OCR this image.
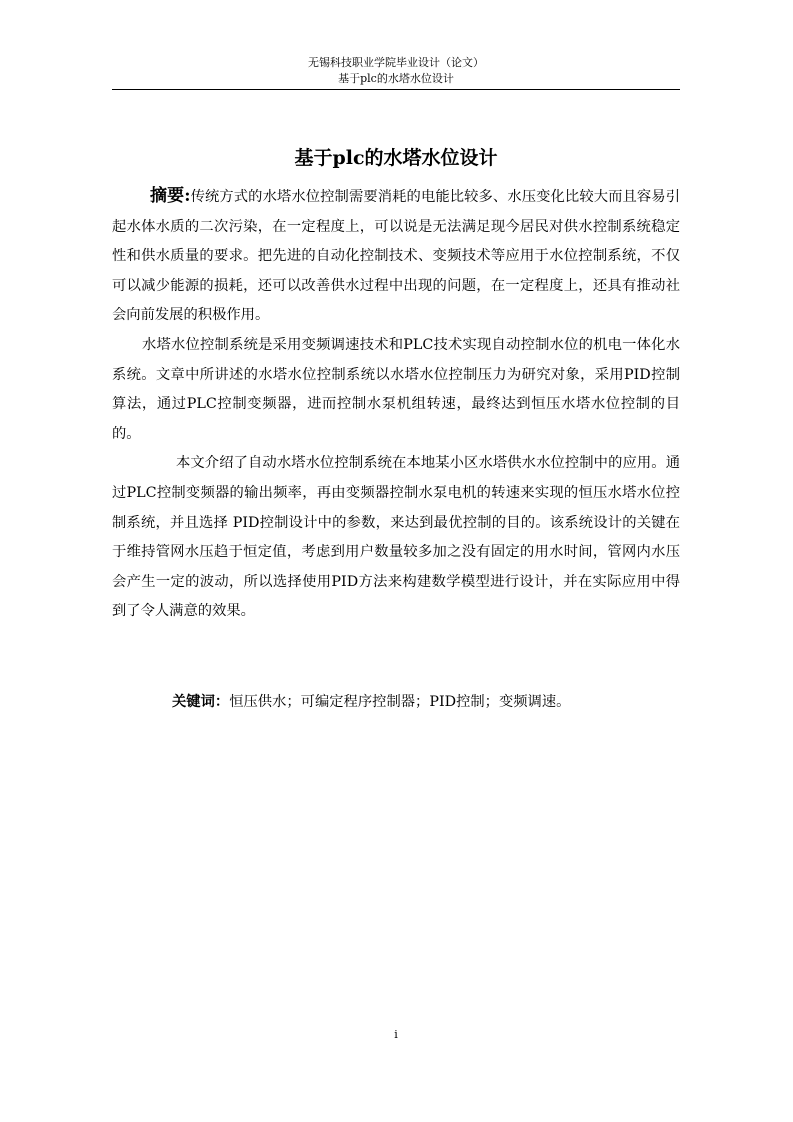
无锡科技职业学院毕业设计（论文）
基于plc的水塔水位设计
基于plc的水塔水位设计

摘要:传统方式的水塔水位控制需要消耗的电能比较多、水压变化比较大而且容易引起水体水质的二次污染，在一定程度上，可以说是无法满足现今居民对供水控制系统稳定性和供水质量的要求。把先进的自动化控制技术、变频技术等应用于水位控制系统，不仅可以减少能源的损耗，还可以改善供水过程中出现的问题，在一定程度上，还具有推动社会向前发展的积极作用。

水塔水位控制系统是采用变频调速技术和PLC技术实现自动控制水位的机电一体化水系统。文章中所讲述的水塔水位控制系统以水塔水位控制压力为研究对象，采用PID控制算法，通过PLC控制变频器，进而控制水泵机组转速，最终达到恒压水塔水位控制的目的。

本文介绍了自动水塔水位控制系统在本地某小区水塔供水水位控制中的应用。通过PLC控制变频器的输出频率，再由变频器控制水泵电机的转速来实现的恒压水塔水位控制系统，并且选择 PID控制设计中的参数，来达到最优控制的目的。该系统设计的关键在于维持管网水压趋于恒定值，考虑到用户数量较多加之没有固定的用水时间，管网内水压会产生一定的波动，所以选择使用PID方法来构建数学模型进行设计，并在实际应用中得到了令人满意的效果。

关键词：恒压供水；可编定程序控制器；PID控制；变频调速。
i
